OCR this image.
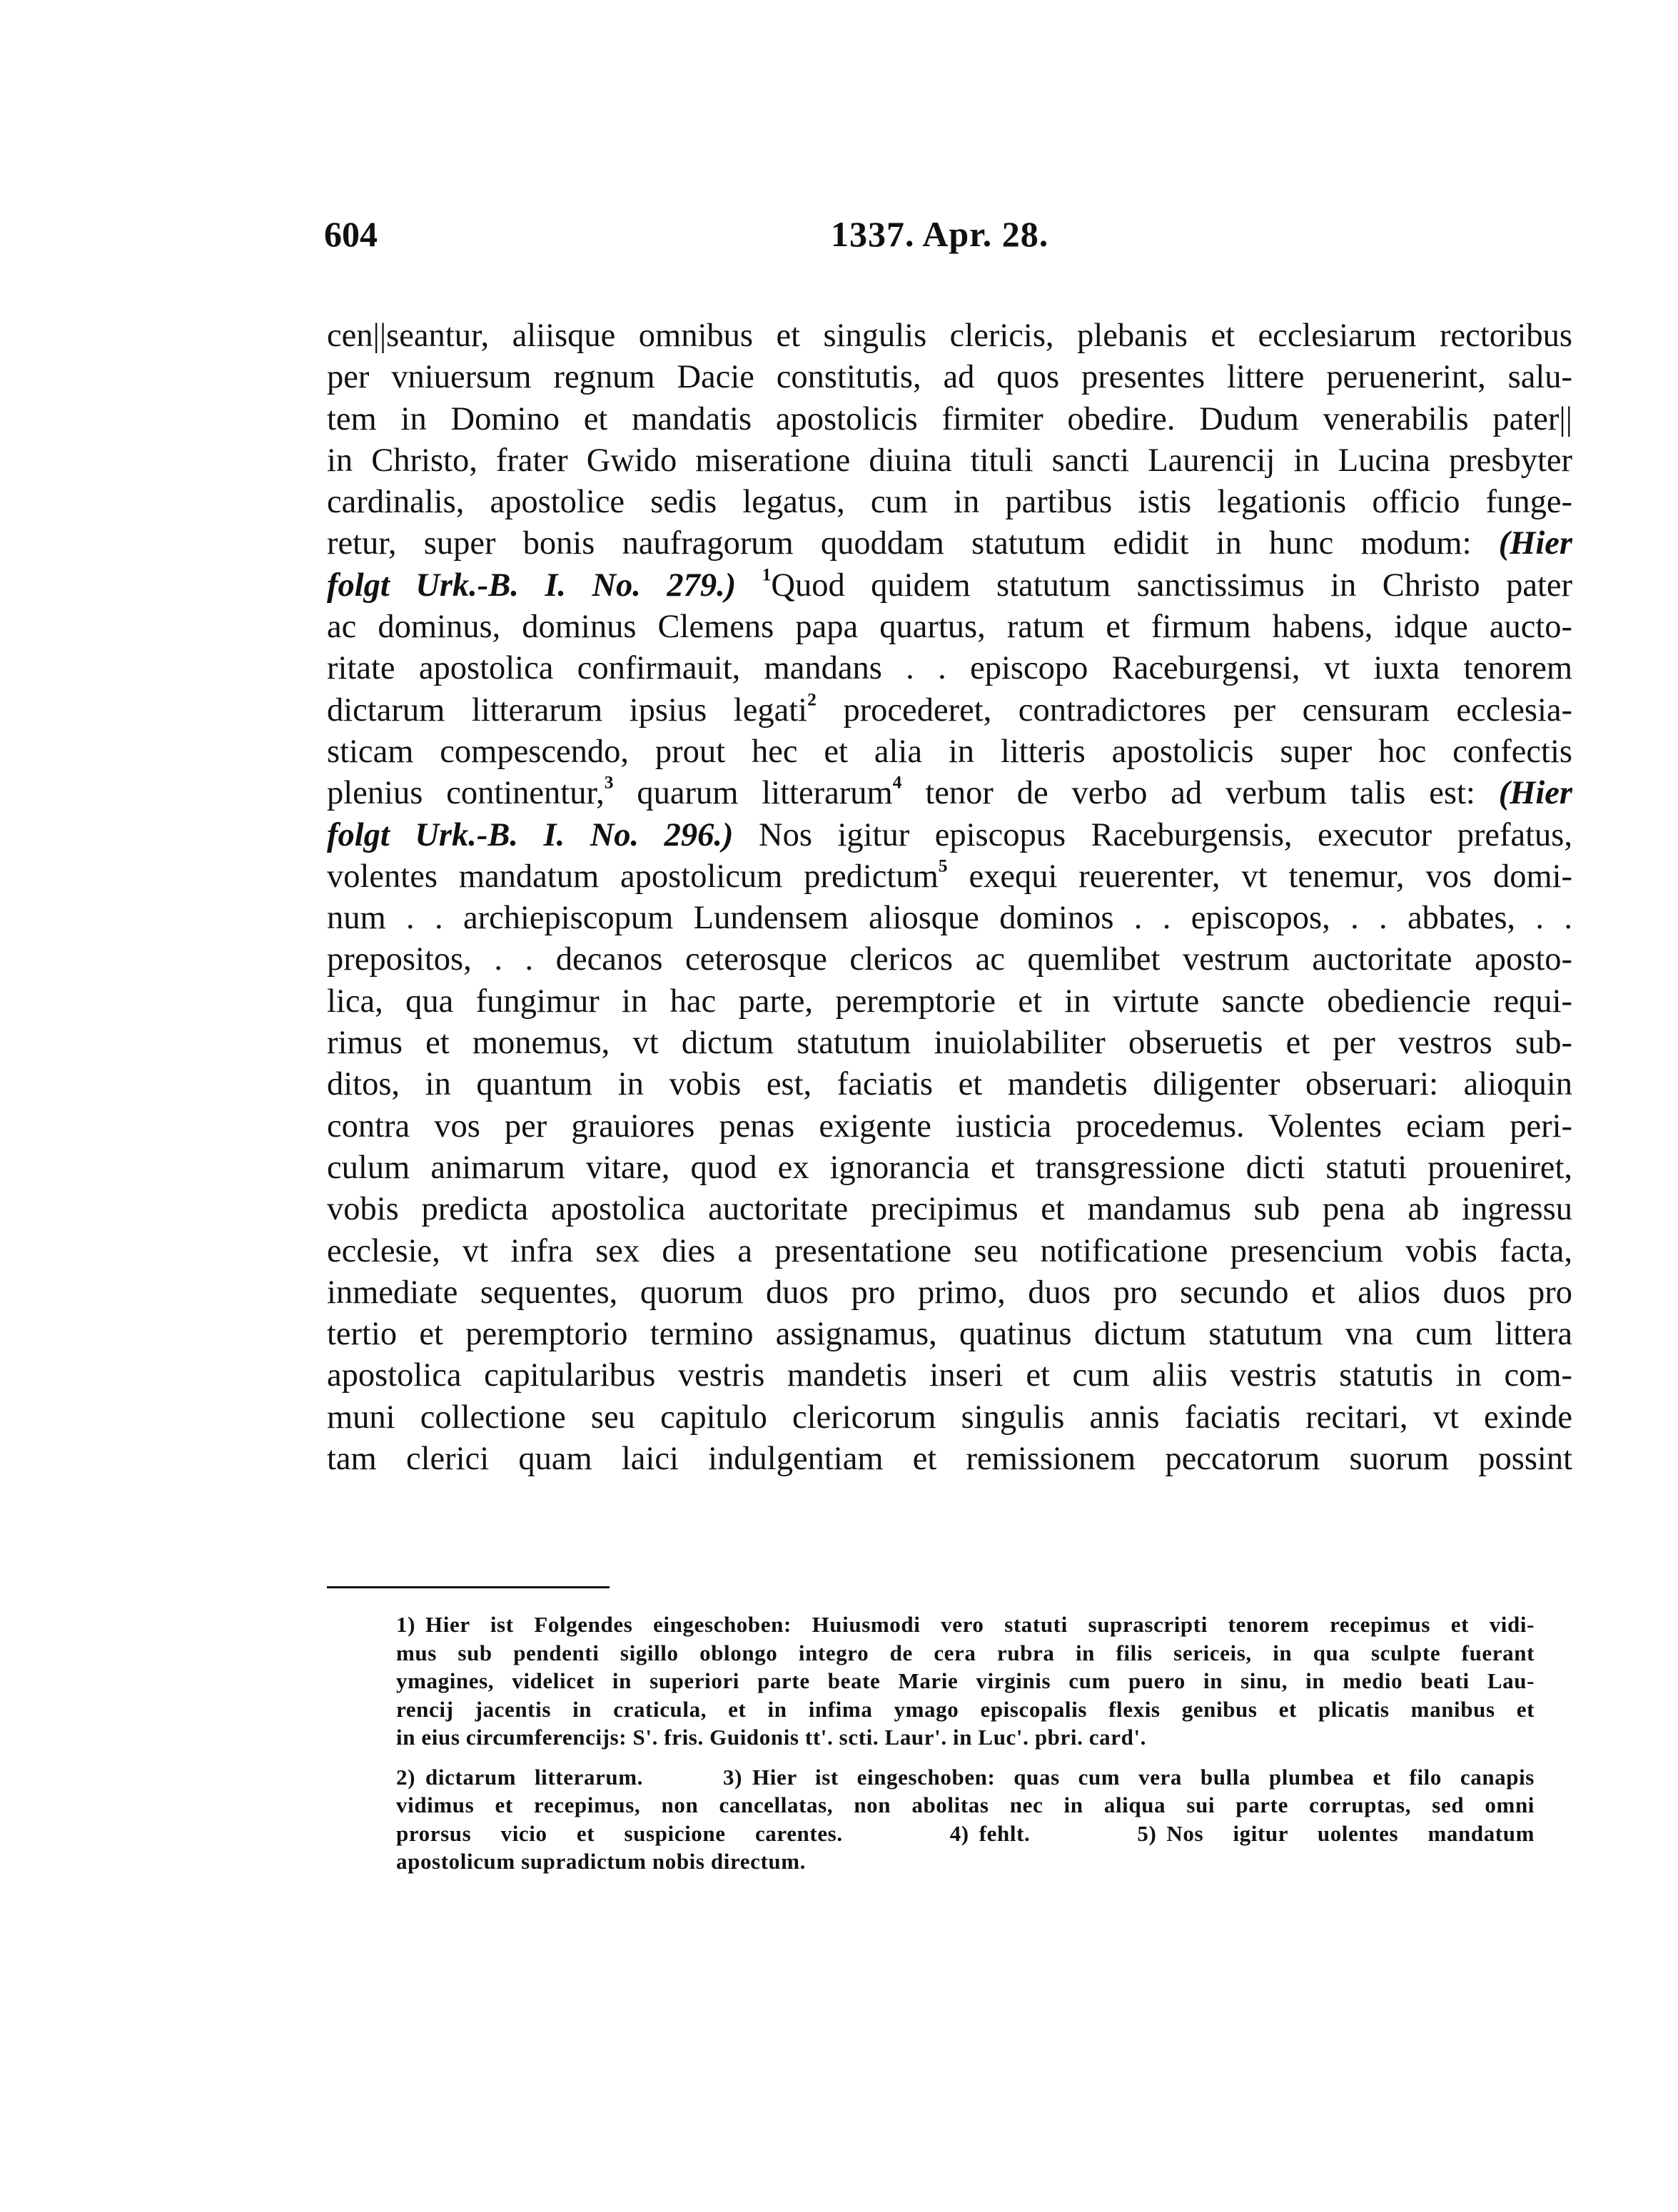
604	1337. Apr. 28.
cen||seantur, aliisque omnibus et singulis clericis, plebanis et ecclesiarum rectoribus
per vniuersum regnum Dacie constitutis, ad quos presentes littere peruenerint, salu-
tem in Domino et mandatis apostolicis firmiter obedire. Dudum venerabilis pater||
in Christo, frater Gwido miseratione diuina tituli sancti Laurencij in Lucina presbyter
cardinalis, apostolice sedis legatus, cum in partibus istis legationis officio funge-
retur, super bonis naufragorum quoddam statutum edidit in hunc modum: (Hier
folgt Urk.-B. I. No. 279.) $^1$Quod quidem statutum sanctissimus in Christo pater
ac dominus, dominus Clemens papa quartus, ratum et firmum habens, idque aucto-
ritate apostolica confirmauit, mandans . . episcopo Raceburgensi, vt iuxta tenorem
dictarum litterarum ipsius legati$^2$ procederet, contradictores per censuram ecclesia-
sticam compescendo, prout hec et alia in litteris apostolicis super hoc confectis
plenius continentur,$^3$ quarum litterarum$^4$ tenor de verbo ad verbum talis est: (Hier
folgt Urk.-B. I. No. 296.) Nos igitur episcopus Raceburgensis, executor prefatus,
volentes mandatum apostolicum predictum$^5$ exequi reuerenter, vt tenemur, vos domi-
num . . archiepiscopum Lundensem aliosque dominos . . episcopos, . . abbates, . .
prepositos, . . decanos ceterosque clericos ac quemlibet vestrum auctoritate aposto-
lica, qua fungimur in hac parte, peremptorie et in virtute sancte obediencie requi-
rimus et monemus, vt dictum statutum inuiolabiliter obseruetis et per vestros sub-
ditos, in quantum in vobis est, faciatis et mandetis diligenter obseruari: alioquin
contra vos per grauiores penas exigente iusticia procedemus. Volentes eciam peri-
culum animarum vitare, quod ex ignorancia et transgressione dicti statuti proueniret,
vobis predicta apostolica auctoritate precipimus et mandamus sub pena ab ingressu
ecclesie, vt infra sex dies a presentatione seu notificatione presencium vobis facta,
inmediate sequentes, quorum duos pro primo, duos pro secundo et alios duos pro
tertio et peremptorio termino assignamus, quatinus dictum statutum vna cum littera
apostolica capitularibus vestris mandetis inseri et cum aliis vestris statutis in com-
muni collectione seu capitulo clericorum singulis annis faciatis recitari, vt exinde
tam clerici quam laici indulgentiam et remissionem peccatorum suorum possint
1) Hier ist Folgendes eingeschoben: Huiusmodi vero statuti suprascripti tenorem recepimus et vidi-
mus sub pendenti sigillo oblongo integro de cera rubra in filis sericeis, in qua sculpte fuerant
ymagines, videlicet in superiori parte beate Marie virginis cum puero in sinu, in medio beati Lau-
rencij jacentis in craticula, et in infima ymago episcopalis flexis genibus et plicatis manibus et
in eius circumferencijs: S'. fris. Guidonis tt'. scti. Laur'. in Luc'. pbri. card'.
2) dictarum litterarum.	3) Hier ist eingeschoben: quas cum vera bulla plumbea et filo canapis
vidimus et recepimus, non cancellatas, non abolitas nec in aliqua sui parte corruptas, sed omni
prorsus vicio et suspicione carentes.	4) fehlt.	5) Nos igitur uolentes mandatum
apostolicum supradictum nobis directum.
